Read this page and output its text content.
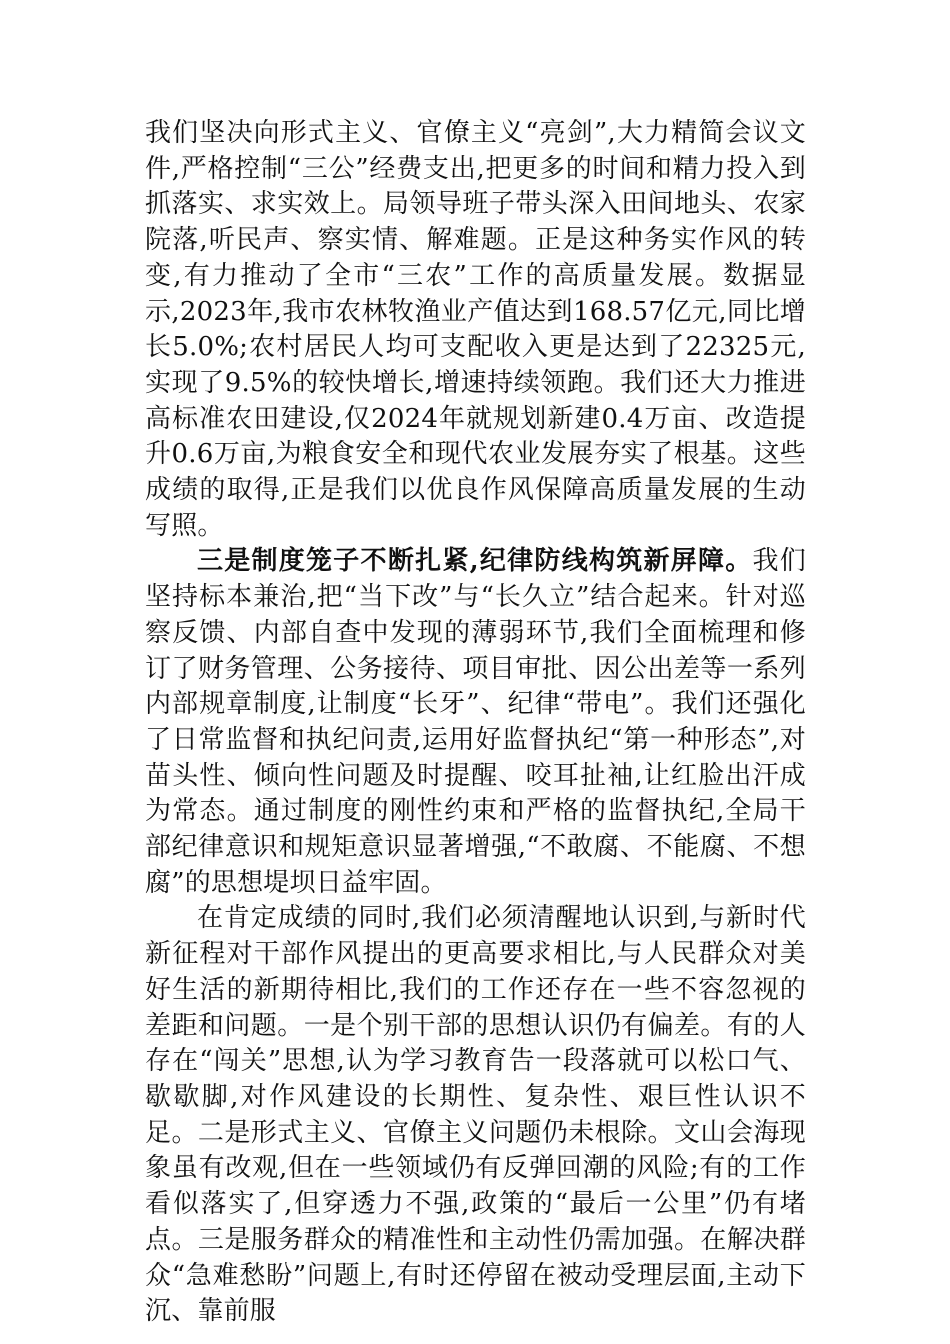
我们坚决向形式主义、官僚主义“亮剑”,大力精简会议文件,严格控制“三公”经费支出,把更多的时间和精力投入到抓落实、求实效上。局领导班子带头深入田间地头、农家院落,听民声、察实情、解难题。正是这种务实作风的转变,有力推动了全市“三农”工作的高质量发展。数据显示,2023年,我市农林牧渔业产值达到168.57亿元,同比增长5.0%;农村居民人均可支配收入更是达到了22325元,实现了9.5%的较快增长,增速持续领跑。我们还大力推进高标准农田建设,仅2024年就规划新建0.4万亩、改造提升0.6万亩,为粮食安全和现代农业发展夯实了根基。这些成绩的取得,正是我们以优良作风保障高质量发展的生动写照。

三是制度笼子不断扎紧,纪律防线构筑新屏障。我们坚持标本兼治,把“当下改”与“长久立”结合起来。针对巡察反馈、内部自查中发现的薄弱环节,我们全面梳理和修订了财务管理、公务接待、项目审批、因公出差等一系列内部规章制度,让制度“长牙”、纪律“带电”。我们还强化了日常监督和执纪问责,运用好监督执纪“第一种形态”,对苗头性、倾向性问题及时提醒、咬耳扯袖,让红脸出汗成为常态。通过制度的刚性约束和严格的监督执纪,全局干部纪律意识和规矩意识显著增强,“不敢腐、不能腐、不想腐”的思想堤坝日益牢固。

在肯定成绩的同时,我们必须清醒地认识到,与新时代新征程对干部作风提出的更高要求相比,与人民群众对美好生活的新期待相比,我们的工作还存在一些不容忽视的差距和问题。一是个别干部的思想认识仍有偏差。有的人存在“闯关”思想,认为学习教育告一段落就可以松口气、歇歇脚,对作风建设的长期性、复杂性、艰巨性认识不足。二是形式主义、官僚主义问题仍未根除。文山会海现象虽有改观,但在一些领域仍有反弹回潮的风险;有的工作看似落实了,但穿透力不强,政策的“最后一公里”仍有堵点。三是服务群众的精准性和主动性仍需加强。在解决群众“急难愁盼”问题上,有时还停留在被动受理层面,主动下沉、靠前服
